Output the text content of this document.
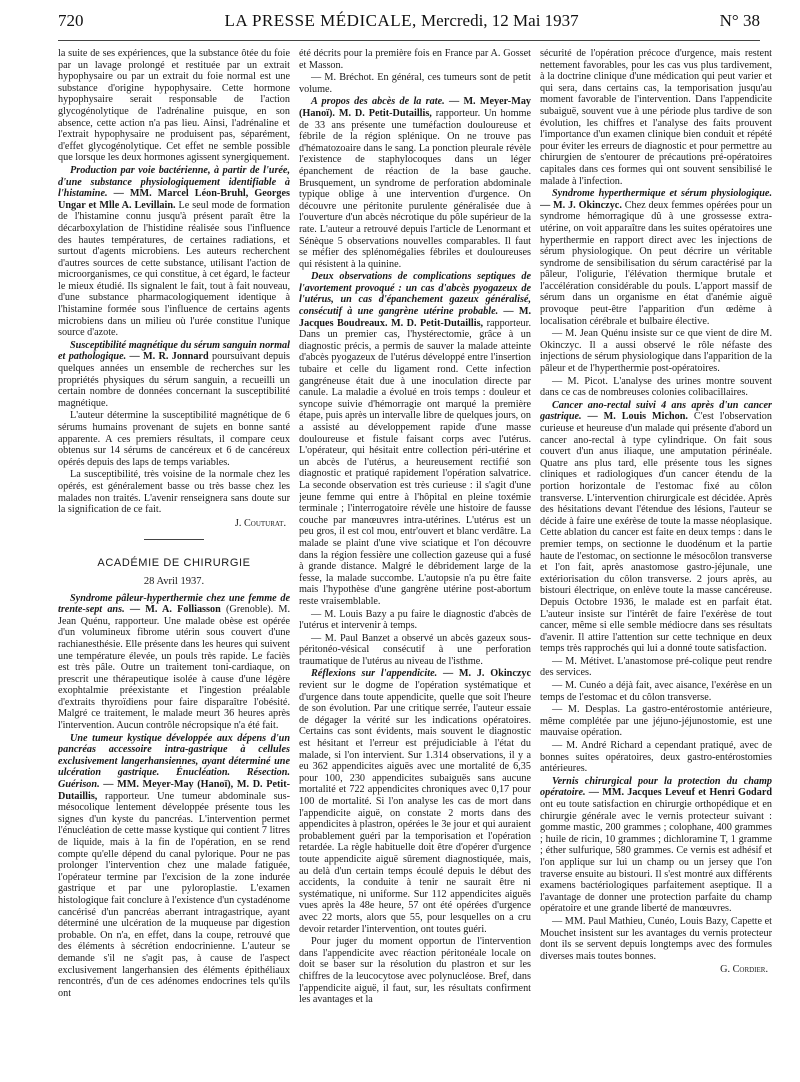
720	LA PRESSE MÉDICALE, Mercredi, 12 Mai 1937	N° 38

la suite de ses expériences, que la substance ôtée du foie par un lavage prolongé et restituée par un extrait hypophysaire ou par un extrait du foie normal est une substance d'origine hypophysaire. Cette hormone hypophysaire serait responsable de l'action glycogénolytique de l'adrénaline puisque, en son absence, cette action n'a pas lieu. Ainsi, l'adrénaline et l'extrait hypophysaire ne produisent pas, séparément, d'effet glycogénolytique. Cet effet ne semble possible que lorsque les deux hormones agissent synergiquement.

Production par voie bactérienne, à partir de l'urée, d'une substance physiologiquement identifiable à l'histamine. — MM. Marcel Léon-Bruhl, Georges Ungar et Mlle A. Levillain. Le seul mode de formation de l'histamine connu jusqu'à présent paraît être la décarboxylation de l'histidine réalisée sous l'influence des hautes températures, de certaines radiations, et surtout d'agents microbiens. Les auteurs recherchent d'autres sources de cette substance, utilisant l'action de microorganismes, ce qui constitue, à cet égard, le facteur le mieux étudié. Ils signalent le fait, tout à fait nouveau, d'une substance pharmacologiquement identique à l'histamine formée sous l'influence de certains agents microbiens dans un milieu où l'urée constitue l'unique source d'azote.

Susceptibilité magnétique du sérum sanguin normal et pathologique. — M. R. Jonnard poursuivant depuis quelques années un ensemble de recherches sur les propriétés physiques du sérum sanguin, a recueilli un certain nombre de données concernant la susceptibilité magnétique.

L'auteur détermine la susceptibilité magnétique de 6 sérums humains provenant de sujets en bonne santé apparente. A ces premiers résultats, il compare ceux obtenus sur 14 sérums de cancéreux et 6 de cancéreux opérés depuis des laps de temps variables.

La susceptibilité, très voisine de la normale chez les opérés, est généralement basse ou très basse chez les malades non traités. L'avenir renseignera sans doute sur la signification de ce fait.

J. Couturat.
ACADÉMIE DE CHIRURGIE
28 Avril 1937.

Syndrome pâleur-hyperthermie chez une femme de trente-sept ans. — M. A. Folliasson (Grenoble). M. Jean Quénu, rapporteur. Une malade obèse est opérée d'un volumineux fibrome utérin sous couvert d'une rachianesthésie. Elle présente dans les heures qui suivent une température élevée, un pouls très rapide. Le faciès est très pâle. Outre un traitement toni-cardiaque, on prescrit une thérapeutique isolée à cause d'une légère exophtalmie préexistante et l'ingestion préalable d'extraits thyroïdiens pour faire disparaître l'obésité. Malgré ce traitement, le malade meurt 36 heures après l'intervention. Aucun contrôle nécropsique n'a été fait.

Une tumeur kystique développée aux dépens d'un pancréas accessoire intra-gastrique à cellules exclusivement langerhansiennes, ayant déterminé une ulcération gastrique. Énucléation. Résection. Guérison. — MM. Meyer-May (Hanoï), M. D. Petit-Dutaillis, rapporteur. Une tumeur abdominale sus-mésocolique lentement développée présente tous les signes d'un kyste du pancréas. L'intervention permet l'énucléation de cette masse kystique qui contient 7 litres de liquide, mais à la fin de l'opération, en se rend compte qu'elle dépend du canal pylorique. Pour ne pas prolonger l'intervention chez une malade fatiguée, l'opérateur termine par l'excision de la zone indurée gastrique et par une pyloroplastie. L'examen histologique fait conclure à l'existence d'un cystadénome cancérisé d'un pancréas aberrant intragastrique, ayant déterminé une ulcération de la muqueuse par digestion probable. On n'a, en effet, dans la coupe, retrouvé que des éléments à sécrétion endocrinienne. L'auteur se demande s'il ne s'agit pas, à cause de l'aspect exclusivement langerhansien des éléments épithéliaux rencontrés, d'un de ces adénomes endocrines tels qu'ils ont

été décrits pour la première fois en France par A. Gosset et Masson.

— M. Bréchot. En général, ces tumeurs sont de petit volume.

A propos des abcès de la rate. — M. Meyer-May (Hanoï). M. D. Petit-Dutaillis, rapporteur. Un homme de 33 ans présente une tuméfaction douloureuse et fébrile de la région splénique. On ne trouve pas d'hématozoaire dans le sang. La ponction pleurale révèle l'existence de staphylocoques dans un léger épanchement de réaction de la base gauche. Brusquement, un syndrome de perforation abdominale typique oblige à une intervention d'urgence. On découvre une péritonite purulente généralisée due à l'ouverture d'un abcès nécrotique du pôle supérieur de la rate. L'auteur a retrouvé depuis l'article de Lenormant et Sénèque 5 observations nouvelles comparables. Il faut se méfier des splénomégalies fébriles et douloureuses qui résistent à la quinine.

Deux observations de complications septiques de l'avortement provoqué : un cas d'abcès pyogazeux de l'utérus, un cas d'épanchement gazeux généralisé, consécutif à une gangrène utérine probable. — M. Jacques Boudreaux. M. D. Petit-Dutaillis, rapporteur. Dans un premier cas, l'hystérectomie, grâce à un diagnostic précis, a permis de sauver la malade atteinte d'abcès pyogazeux de l'utérus développé entre l'insertion tubaire et celle du ligament rond. Cette infection gangréneuse était due à une inoculation directe par canule. La maladie a évolué en trois temps : douleur et syncope suivie d'hémorragie ont marqué la première étape, puis après un intervalle libre de quelques jours, on a assisté au développement rapide d'une masse douloureuse et fistule faisant corps avec l'utérus. L'opérateur, qui hésitait entre collection péri-utérine et un abcès de l'utérus, a heureusement rectifié son diagnostic et pratiqué rapidement l'opération salvatrice. La seconde observation est très curieuse : il s'agit d'une jeune femme qui entre à l'hôpital en pleine toxémie terminale ; l'interrogatoire révèle une histoire de fausse couche par manœuvres intra-utérines. L'utérus est un peu gros, il est col mou, entr'ouvert et blanc verdâtre. La malade se plaint d'une vive sciatique et l'on découvre dans la région fessière une collection gazeuse qui a fusé à grande distance. Malgré le débridement large de la fesse, la malade succombe. L'autopsie n'a pu être faite mais l'hypothèse d'une gangrène utérine post-abortum reste vraisemblable.

— M. Louis Bazy a pu faire le diagnostic d'abcès de l'utérus et intervenir à temps.

— M. Paul Banzet a observé un abcès gazeux sous-péritonéo-vésical consécutif à une perforation traumatique de l'utérus au niveau de l'isthme.

Réflexions sur l'appendicite. — M. J. Okinczyc revient sur le dogme de l'opération systématique et d'urgence dans toute appendicite, quelle que soit l'heure de son évolution. Par une critique serrée, l'auteur essaie de dégager la vérité sur les indications opératoires. Certains cas sont évidents, mais souvent le diagnostic est hésitant et l'erreur est préjudiciable à l'état du malade, si l'on intervient. Sur 1.314 observations, il y a eu 362 appendicites aiguës avec une mortalité de 6,35 pour 100, 230 appendicites subaiguës sans aucune mortalité et 722 appendicites chroniques avec 0,17 pour 100 de mortalité. Si l'on analyse les cas de mort dans l'appendicite aiguë, on constate 2 morts dans des appendicites à plastron, opérées le 3e jour et qui auraient probablement guéri par la temporisation et l'opération retardée. La règle habituelle doit être d'opérer d'urgence toute appendicite aiguë sûrement diagnostiquée, mais, au delà d'un certain temps écoulé depuis le début des accidents, la conduite à tenir ne saurait être ni systématique, ni uniforme. Sur 112 appendicites aiguës vues après la 48e heure, 57 ont été opérées d'urgence avec 22 morts, alors que 55, pour lesquelles on a cru devoir retarder l'intervention, ont toutes guéri.

Pour juger du moment opportun de l'intervention dans l'appendicite avec réaction péritonéale locale on doit se baser sur la résolution du plastron et sur les chiffres de la leucocytose avec polynucléose. Bref, dans l'appendicite aiguë, il faut, sur, les résultats confirment les avantages et la

sécurité de l'opération précoce d'urgence, mais restent nettement favorables, pour les cas vus plus tardivement, à la doctrine clinique d'une médication qui peut varier et qui sera, dans certains cas, la temporisation jusqu'au moment favorable de l'intervention. Dans l'appendicite subaiguë, souvent vue à une période plus tardive de son évolution, les chiffres et l'analyse des faits prouvent l'importance d'un examen clinique bien conduit et répété pour éviter les erreurs de diagnostic et pour permettre au chirurgien de s'entourer de précautions pré-opératoires capitales dans ces formes qui ont souvent sensibilisé le malade à l'infection.

Syndrome hyperthermique et sérum physiologique. — M. J. Okinczyc. Chez deux femmes opérées pour un syndrome hémorragique dû à une grossesse extra-utérine, on voit apparaître dans les suites opératoires une hyperthermie en rapport direct avec les injections de sérum physiologique. On peut décrire un véritable syndrome de sensibilisation du sérum caractérisé par la pâleur, l'oligurie, l'élévation thermique brutale et l'accélération considérable du pouls. L'apport massif de sérum dans un organisme en état d'anémie aiguë provoque peut-être l'apparition d'un œdème à localisation cérébrale et bulbaire élective.

— M. Jean Quénu insiste sur ce que vient de dire M. Okinczyc. Il a aussi observé le rôle néfaste des injections de sérum physiologique dans l'apparition de la pâleur et de l'hyperthermie post-opératoires.

— M. Picot. L'analyse des urines montre souvent dans ce cas de nombreuses colonies colibacillaires.

Cancer ano-rectal suivi 4 ans après d'un cancer gastrique. — M. Louis Michon. C'est l'observation curieuse et heureuse d'un malade qui présente d'abord un cancer ano-rectal à type cylindrique. On fait sous couvert d'un anus iliaque, une amputation périnéale. Quatre ans plus tard, elle présente tous les signes cliniques et radiologiques d'un cancer étendu de la portion horizontale de l'estomac fixé au côlon transverse. L'intervention chirurgicale est décidée. Après des hésitations devant l'étendue des lésions, l'auteur se décide à faire une exérèse de toute la masse néoplasique. Cette ablation du cancer est faite en deux temps : dans le premier temps, on sectionne le duodénum et la partie haute de l'estomac, on sectionne le mésocôlon transverse et l'on fait, après anastomose gastro-jéjunale, une extériorisation du côlon transverse. 2 jours après, au bistouri électrique, on enlève toute la masse cancéreuse. Depuis Octobre 1936, le malade est en parfait état. L'auteur insiste sur l'intérêt de faire l'exérèse de tout cancer, même si elle semble médiocre dans ses résultats d'avenir. Il attire l'attention sur cette technique en deux temps très rapprochés qui lui a donné toute satisfaction.

— M. Métivet. L'anastomose pré-colique peut rendre des services.

— M. Cunéo a déjà fait, avec aisance, l'exérèse en un temps de l'estomac et du côlon transverse.

— M. Desplas. La gastro-entérostomie antérieure, même complétée par une jéjuno-jéjunostomie, est une mauvaise opération.

— M. André Richard a cependant pratiqué, avec de bonnes suites opératoires, deux gastro-entérostomies antérieures.

Vernis chirurgical pour la protection du champ opératoire. — MM. Jacques Leveuf et Henri Godard ont eu toute satisfaction en chirurgie orthopédique et en chirurgie générale avec le vernis protecteur suivant : gomme mastic, 200 grammes ; colophane, 400 grammes ; huile de ricin, 10 grammes ; dichloramine T, 1 gramme ; éther sulfurique, 580 grammes. Ce vernis est adhésif et l'on applique sur lui un champ ou un jersey que l'on traverse ensuite au bistouri. Il s'est montré aux différents examens bactériologiques parfaitement aseptique. Il a l'avantage de donner une protection parfaite du champ opératoire et une grande liberté de manœuvres.

— MM. Paul Mathieu, Cunéo, Louis Bazy, Capette et Mouchet insistent sur les avantages du vernis protecteur dont ils se servent depuis longtemps avec des formules diverses mais toutes bonnes.

G. Cordier.
